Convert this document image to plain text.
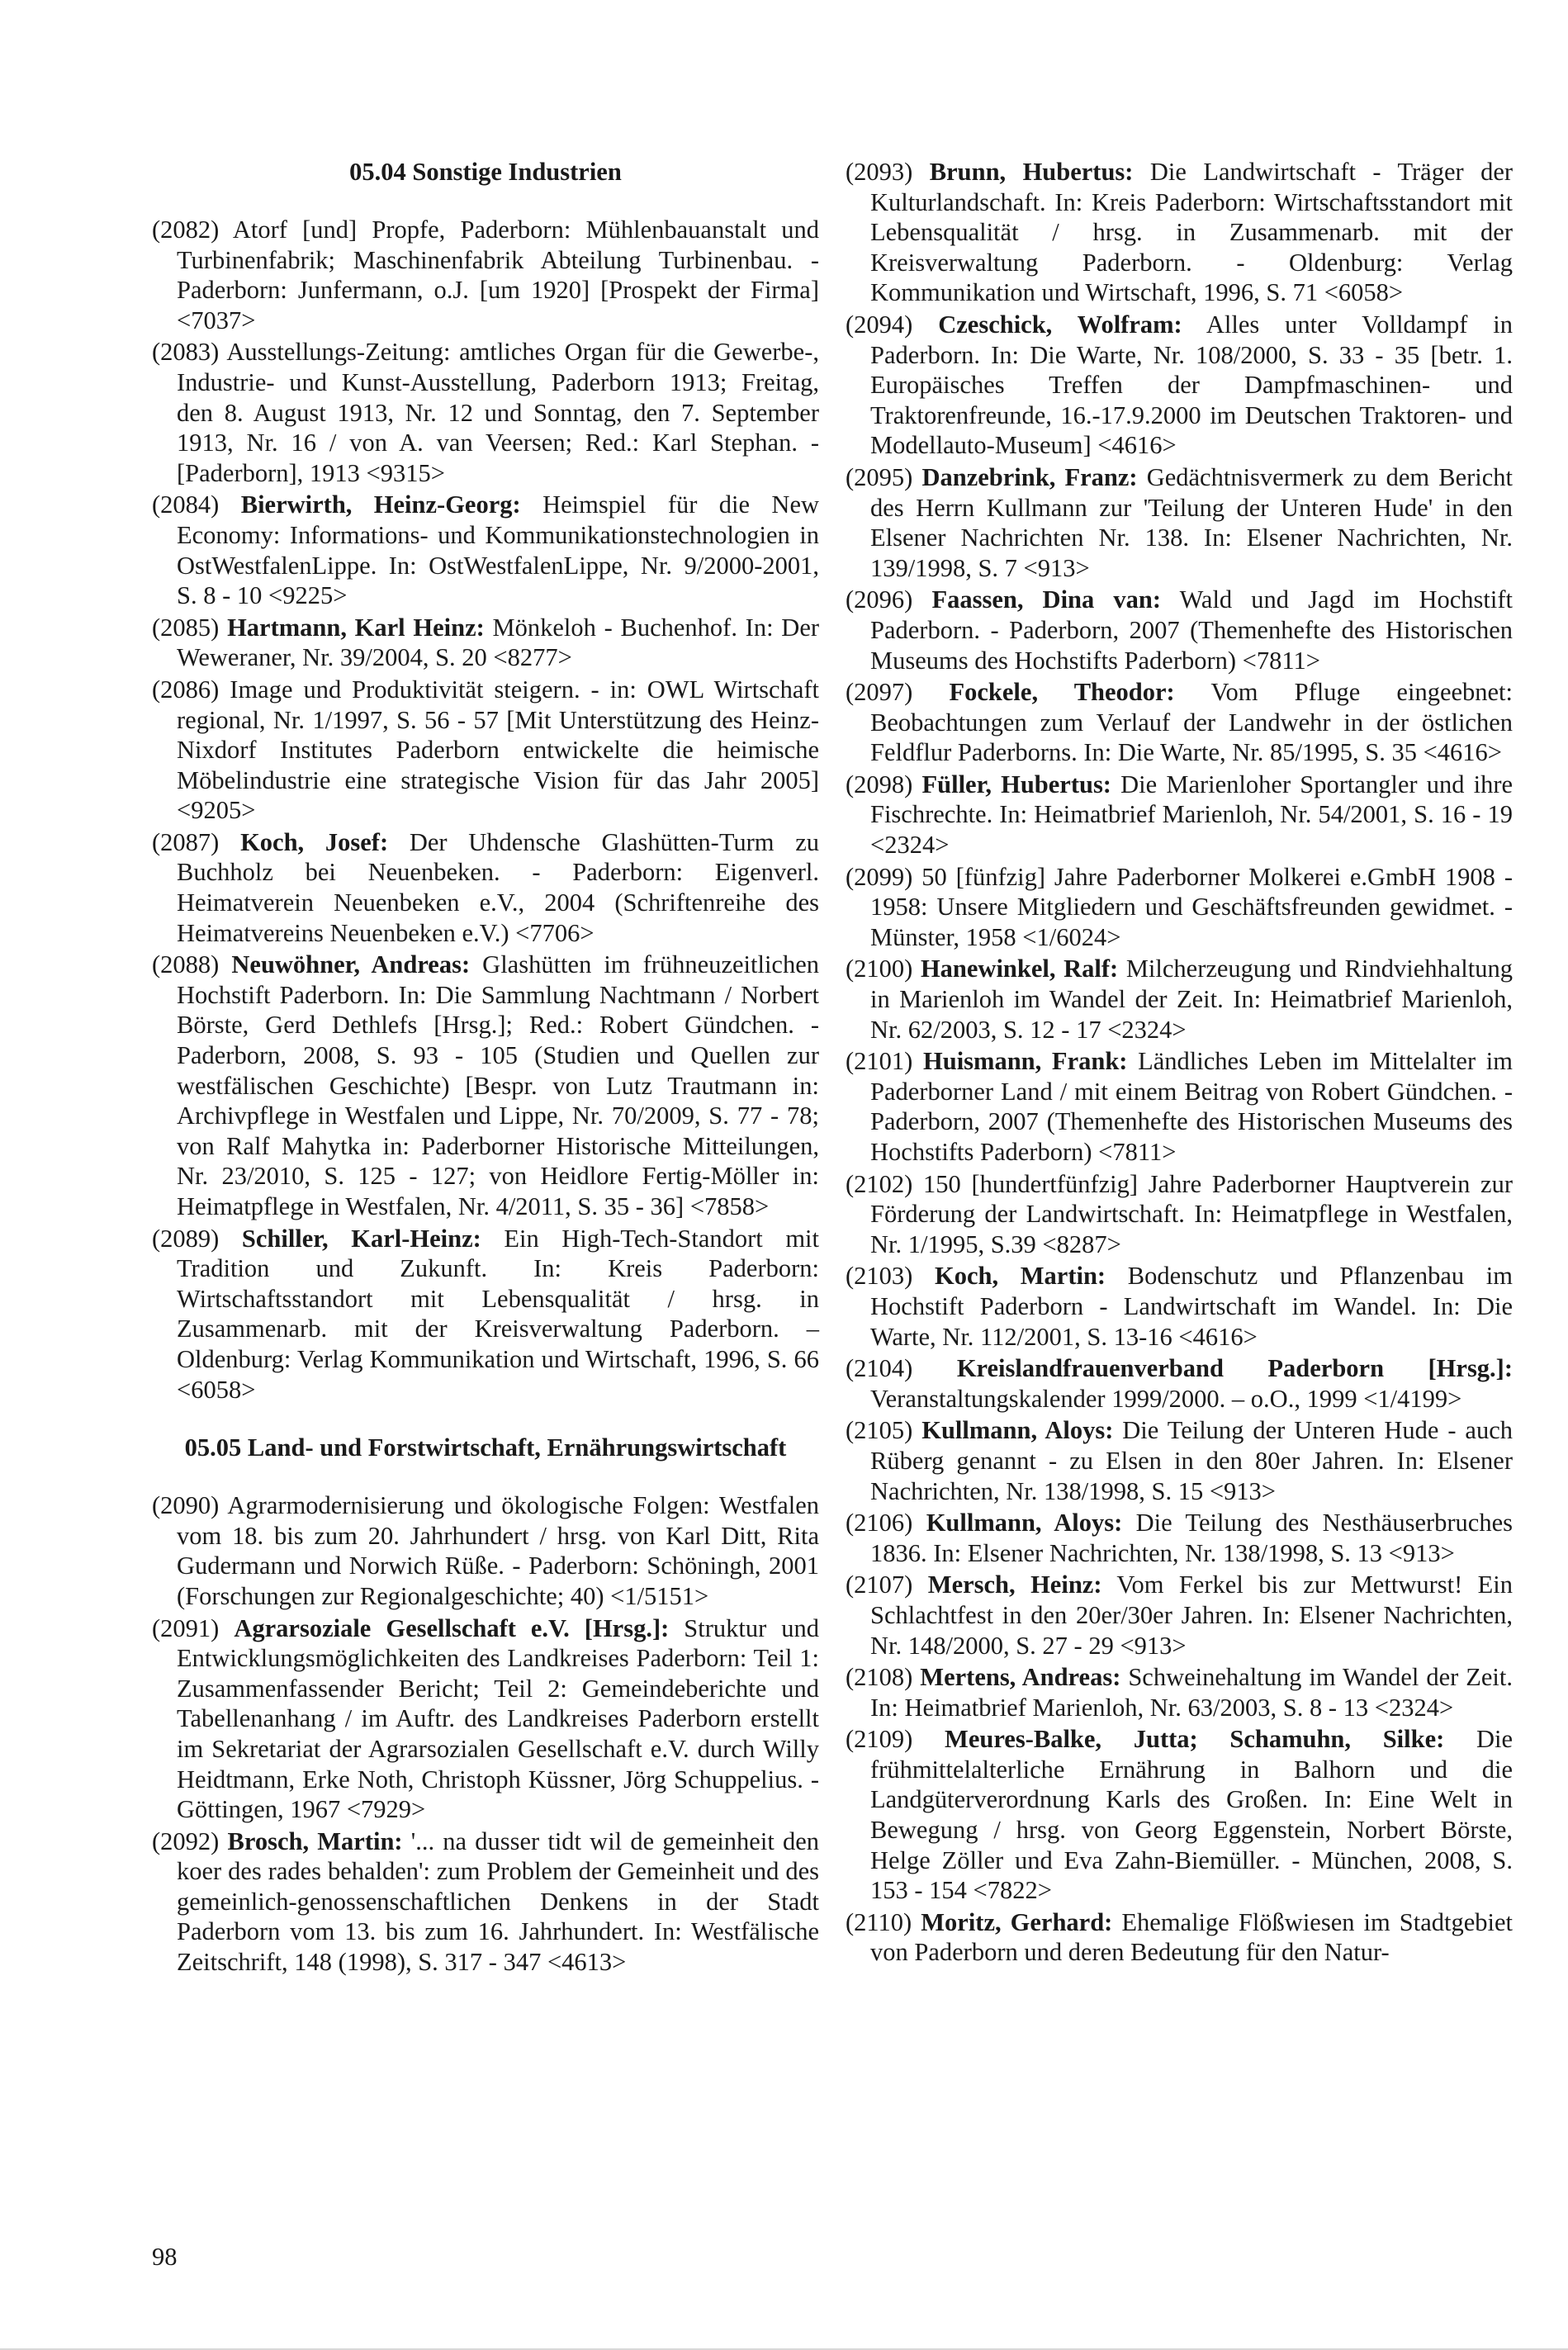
05.04 Sonstige Industrien
(2082) Atorf [und] Propfe, Paderborn: Mühlenbauanstalt und Turbinenfabrik; Maschinenfabrik Abteilung Turbinenbau. - Paderborn: Junfermann, o.J. [um 1920] [Prospekt der Firma] <7037>
(2083) Ausstellungs-Zeitung: amtliches Organ für die Gewerbe-, Industrie- und Kunst-Ausstellung, Paderborn 1913; Freitag, den 8. August 1913, Nr. 12 und Sonntag, den 7. September 1913, Nr. 16 / von A. van Veersen; Red.: Karl Stephan. - [Paderborn], 1913 <9315>
(2084) Bierwirth, Heinz-Georg: Heimspiel für die New Economy: Informations- und Kommunikationstechnologien in OstWestfalenLippe. In: OstWestfalenLippe, Nr. 9/2000-2001, S. 8 - 10 <9225>
(2085) Hartmann, Karl Heinz: Mönkeloh - Buchenhof. In: Der Weweraner, Nr. 39/2004, S. 20 <8277>
(2086) Image und Produktivität steigern. - in: OWL Wirtschaft regional, Nr. 1/1997, S. 56 - 57 [Mit Unterstützung des Heinz-Nixdorf Institutes Paderborn entwickelte die heimische Möbelindustrie eine strategische Vision für das Jahr 2005] <9205>
(2087) Koch, Josef: Der Uhdensche Glashütten-Turm zu Buchholz bei Neuenbeken. - Paderborn: Eigenverl. Heimatverein Neuenbeken e.V., 2004 (Schriftenreihe des Heimatvereins Neuenbeken e.V.) <7706>
(2088) Neuwöhner, Andreas: Glashütten im frühneuzeitlichen Hochstift Paderborn. In: Die Sammlung Nachtmann / Norbert Börste, Gerd Dethlefs [Hrsg.]; Red.: Robert Gündchen. - Paderborn, 2008, S. 93 - 105 (Studien und Quellen zur westfälischen Geschichte) [Bespr. von Lutz Trautmann in: Archivpflege in Westfalen und Lippe, Nr. 70/2009, S. 77 - 78; von Ralf Mahytka in: Paderborner Historische Mitteilungen, Nr. 23/2010, S. 125 - 127; von Heidlore Fertig-Möller in: Heimatpflege in Westfalen, Nr. 4/2011, S. 35 - 36] <7858>
(2089) Schiller, Karl-Heinz: Ein High-Tech-Standort mit Tradition und Zukunft. In: Kreis Paderborn: Wirtschaftsstandort mit Lebensqualität / hrsg. in Zusammenarb. mit der Kreisverwaltung Paderborn. – Oldenburg: Verlag Kommunikation und Wirtschaft, 1996, S. 66 <6058>
05.05 Land- und Forstwirtschaft, Ernährungswirtschaft
(2090) Agrarmodernisierung und ökologische Folgen: Westfalen vom 18. bis zum 20. Jahrhundert / hrsg. von Karl Ditt, Rita Gudermann und Norwich Rüße. - Paderborn: Schöningh, 2001 (Forschungen zur Regionalgeschichte; 40) <1/5151>
(2091) Agrarsoziale Gesellschaft e.V. [Hrsg.]: Struktur und Entwicklungsmöglichkeiten des Landkreises Paderborn: Teil 1: Zusammenfassender Bericht; Teil 2: Gemeindeberichte und Tabellenanhang / im Auftr. des Landkreises Paderborn erstellt im Sekretariat der Agrarsozialen Gesellschaft e.V. durch Willy Heidtmann, Erke Noth, Christoph Küssner, Jörg Schuppelius. - Göttingen, 1967 <7929>
(2092) Brosch, Martin: '... na dusser tidt wil de gemeinheit den koer des rades behalden': zum Problem der Gemeinheit und des gemeinlich-genossenschaftlichen Denkens in der Stadt Paderborn vom 13. bis zum 16. Jahrhundert. In: Westfälische Zeitschrift, 148 (1998), S. 317 - 347 <4613>
(2093) Brunn, Hubertus: Die Landwirtschaft - Träger der Kulturlandschaft. In: Kreis Paderborn: Wirtschaftsstandort mit Lebensqualität / hrsg. in Zusammenarb. mit der Kreisverwaltung Paderborn. - Oldenburg: Verlag Kommunikation und Wirtschaft, 1996, S. 71 <6058>
(2094) Czeschick, Wolfram: Alles unter Volldampf in Paderborn. In: Die Warte, Nr. 108/2000, S. 33 - 35 [betr. 1. Europäisches Treffen der Dampfmaschinen- und Traktorenfreunde, 16.-17.9.2000 im Deutschen Traktoren- und Modellauto-Museum] <4616>
(2095) Danzebrink, Franz: Gedächtnisvermerk zu dem Bericht des Herrn Kullmann zur 'Teilung der Unteren Hude' in den Elsener Nachrichten Nr. 138. In: Elsener Nachrichten, Nr. 139/1998, S. 7 <913>
(2096) Faassen, Dina van: Wald und Jagd im Hochstift Paderborn. - Paderborn, 2007 (Themenhefte des Historischen Museums des Hochstifts Paderborn) <7811>
(2097) Fockele, Theodor: Vom Pfluge eingeebnet: Beobachtungen zum Verlauf der Landwehr in der östlichen Feldflur Paderborns. In: Die Warte, Nr. 85/1995, S. 35 <4616>
(2098) Füller, Hubertus: Die Marienloher Sportangler und ihre Fischrechte. In: Heimatbrief Marienloh, Nr. 54/2001, S. 16 - 19 <2324>
(2099) 50 [fünfzig] Jahre Paderborner Molkerei e.GmbH 1908 - 1958: Unsere Mitgliedern und Geschäftsfreunden gewidmet. - Münster, 1958 <1/6024>
(2100) Hanewinkel, Ralf: Milcherzeugung und Rindviehhaltung in Marienloh im Wandel der Zeit. In: Heimatbrief Marienloh, Nr. 62/2003, S. 12 - 17 <2324>
(2101) Huismann, Frank: Ländliches Leben im Mittelalter im Paderborner Land / mit einem Beitrag von Robert Gündchen. - Paderborn, 2007 (Themenhefte des Historischen Museums des Hochstifts Paderborn) <7811>
(2102) 150 [hundertfünfzig] Jahre Paderborner Hauptverein zur Förderung der Landwirtschaft. In: Heimatpflege in Westfalen, Nr. 1/1995, S.39 <8287>
(2103) Koch, Martin: Bodenschutz und Pflanzenbau im Hochstift Paderborn - Landwirtschaft im Wandel. In: Die Warte, Nr. 112/2001, S. 13-16 <4616>
(2104) Kreislandfrauenverband Paderborn [Hrsg.]: Veranstaltungskalender 1999/2000. – o.O., 1999 <1/4199>
(2105) Kullmann, Aloys: Die Teilung der Unteren Hude - auch Rüberg genannt - zu Elsen in den 80er Jahren. In: Elsener Nachrichten, Nr. 138/1998, S. 15 <913>
(2106) Kullmann, Aloys: Die Teilung des Nesthäuserbruches 1836. In: Elsener Nachrichten, Nr. 138/1998, S. 13 <913>
(2107) Mersch, Heinz: Vom Ferkel bis zur Mettwurst! Ein Schlachtfest in den 20er/30er Jahren. In: Elsener Nachrichten, Nr. 148/2000, S. 27 - 29 <913>
(2108) Mertens, Andreas: Schweinehaltung im Wandel der Zeit. In: Heimatbrief Marienloh, Nr. 63/2003, S. 8 - 13 <2324>
(2109) Meures-Balke, Jutta; Schamuhn, Silke: Die frühmittelalterliche Ernährung in Balhorn und die Landgüterverordnung Karls des Großen. In: Eine Welt in Bewegung / hrsg. von Georg Eggenstein, Norbert Börste, Helge Zöller und Eva Zahn-Biemüller. - München, 2008, S. 153 - 154 <7822>
(2110) Moritz, Gerhard: Ehemalige Flößwiesen im Stadtgebiet von Paderborn und deren Bedeutung für den Natur-
98
